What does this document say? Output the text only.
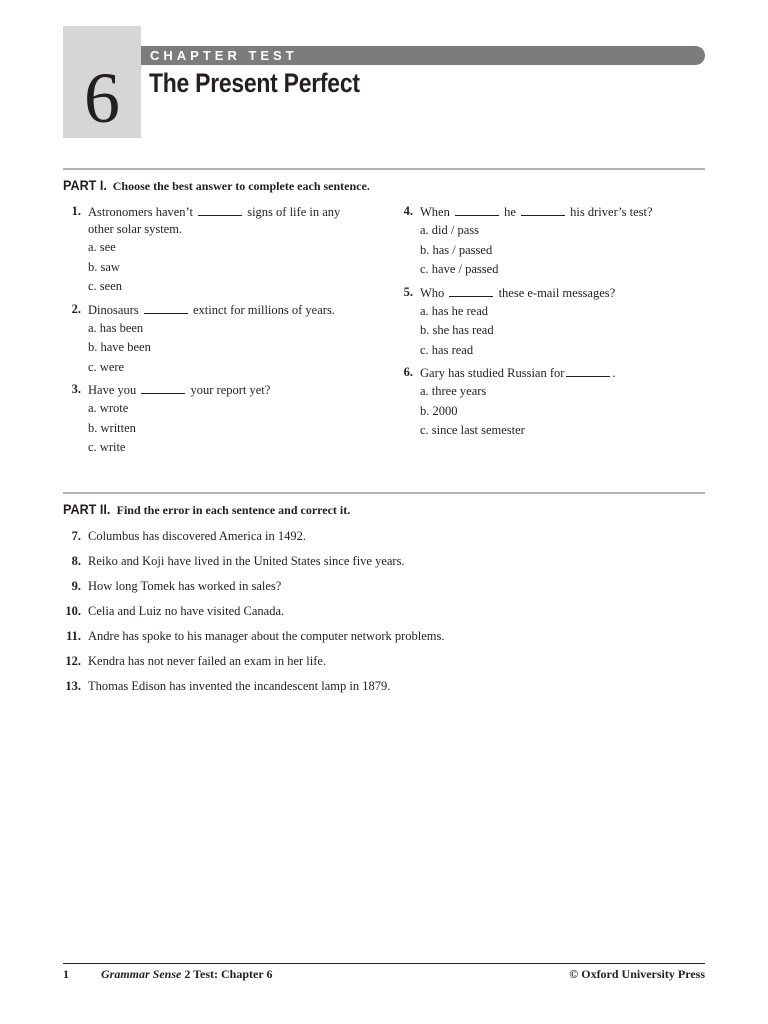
6
CHAPTER TEST
The Present Perfect
PART I. Choose the best answer to complete each sentence.
1. Astronomers haven’t	signs of life in any other solar system.
a. see
b. saw
c. seen
2. Dinosaurs	extinct for millions of years.
a. has been
b. have been
c. were
3. Have you	your report yet?
a. wrote
b. written
c. write
4. When	he	his driver’s test?
a. did / pass
b. has / passed
c. have / passed
5. Who	these e-mail messages?
a. has he read
b. she has read
c. has read
6. Gary has studied Russian for	.
a. three years
b. 2000
c. since last semester
PART II. Find the error in each sentence and correct it.
7. Columbus has discovered America in 1492.
8. Reiko and Koji have lived in the United States since five years.
9. How long Tomek has worked in sales?
10. Celia and Luiz no have visited Canada.
11. Andre has spoke to his manager about the computer network problems.
12. Kendra has not never failed an exam in her life.
13. Thomas Edison has invented the incandescent lamp in 1879.
1	Grammar Sense 2 Test: Chapter 6	© Oxford University Press
